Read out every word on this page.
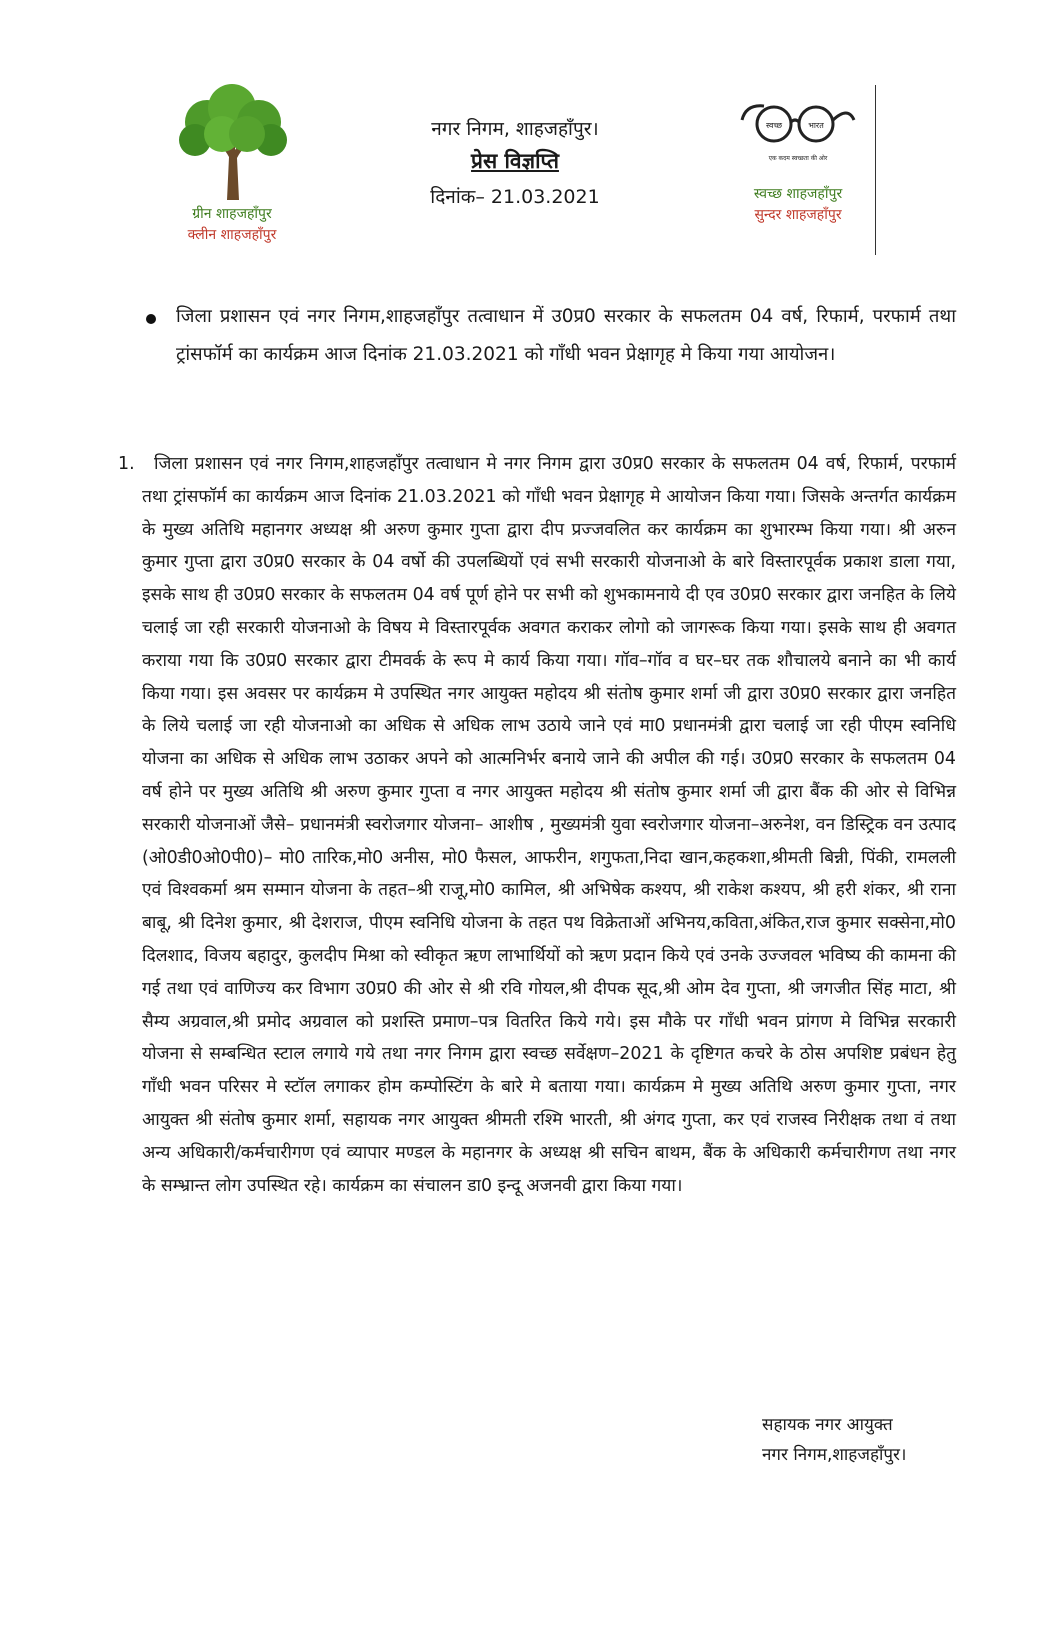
ग्रीन शाहजहाँपुर
क्लीन शाहजहाँपुर
नगर निगम, शाहजहाँपुर।
प्रेस विज्ञप्ति
दिनांक– 21.03.2021
स्वच्छ	भारत
एक कदम स्वच्छता की ओर
स्वच्छ शाहजहाँपुर
सुन्दर शाहजहाँपुर
जिला प्रशासन एवं नगर निगम,शाहजहाँपुर तत्वाधान में उ0प्र0 सरकार के सफलतम 04 वर्ष, रिफार्म, परफार्म तथा ट्रांसफॉर्म का कार्यक्रम आज दिनांक 21.03.2021 को गाँधी भवन प्रेक्षागृह मे किया गया आयोजन।
1.	जिला प्रशासन एवं नगर निगम,शाहजहाँपुर तत्वाधान मे नगर निगम द्वारा उ0प्र0 सरकार के सफलतम 04 वर्ष, रिफार्म, परफार्म तथा ट्रांसफॉर्म का कार्यक्रम आज दिनांक 21.03.2021 को गाँधी भवन प्रेक्षागृह मे आयोजन किया गया। जिसके अन्तर्गत कार्यक्रम के मुख्य अतिथि महानगर अध्यक्ष श्री अरुण कुमार गुप्ता द्वारा दीप प्रज्जवलित कर कार्यक्रम का शुभारम्भ किया गया। श्री अरुन कुमार गुप्ता द्वारा उ0प्र0 सरकार के 04 वर्षो की उपलब्धियों एवं सभी सरकारी योजनाओ के बारे विस्तारपूर्वक प्रकाश डाला गया, इसके साथ ही उ0प्र0 सरकार के सफलतम 04 वर्ष पूर्ण होने पर सभी को शुभकामनाये दी एव उ0प्र0 सरकार द्वारा जनहित के लिये चलाई जा रही सरकारी योजनाओ के विषय मे विस्तारपूर्वक अवगत कराकर लोगो को जागरूक किया गया। इसके साथ ही अवगत कराया गया कि उ0प्र0 सरकार द्वारा टीमवर्क के रूप मे कार्य किया गया। गॉव–गॉव व घर–घर तक शौचालये बनाने का भी कार्य किया गया। इस अवसर पर कार्यक्रम मे उपस्थित नगर आयुक्त महोदय श्री संतोष कुमार शर्मा जी द्वारा उ0प्र0 सरकार द्वारा जनहित के लिये चलाई जा रही योजनाओ का अधिक से अधिक लाभ उठाये जाने एवं मा0 प्रधानमंत्री द्वारा चलाई जा रही पीएम स्वनिधि योजना का अधिक से अधिक लाभ उठाकर अपने को आत्मनिर्भर बनाये जाने की अपील की गई। उ0प्र0 सरकार के सफलतम 04 वर्ष होने पर मुख्य अतिथि श्री अरुण कुमार गुप्ता व नगर आयुक्त महोदय श्री संतोष कुमार शर्मा जी द्वारा बैंक की ओर से विभिन्न सरकारी योजनाओं जैसे– प्रधानमंत्री स्वरोजगार योजना– आशीष , मुख्यमंत्री युवा स्वरोजगार योजना–अरुनेश, वन डिस्ट्रिक वन उत्पाद (ओ0डी0ओ0पी0)– मो0 तारिक,मो0 अनीस, मो0 फैसल, आफरीन, शगुफता,निदा खान,कहकशा,श्रीमती बिन्नी, पिंकी, रामलली एवं विश्वकर्मा श्रम सम्मान योजना के तहत–श्री राजू,मो0 कामिल, श्री अभिषेक कश्यप, श्री राकेश कश्यप, श्री हरी शंकर, श्री राना बाबू, श्री दिनेश कुमार, श्री देशराज, पीएम स्वनिधि योजना के तहत पथ विक्रेताओं अभिनय,कविता,अंकित,राज कुमार सक्सेना,मो0 दिलशाद, विजय बहादुर, कुलदीप मिश्रा को स्वीकृत ऋण लाभार्थियों को ऋण प्रदान किये एवं उनके उज्जवल भविष्य की कामना की गई तथा एवं वाणिज्य कर विभाग उ0प्र0 की ओर से श्री रवि गोयल,श्री दीपक सूद,श्री ओम देव गुप्ता, श्री जगजीत सिंह माटा, श्री सैम्य अग्रवाल,श्री प्रमोद अग्रवाल को प्रशस्ति प्रमाण–पत्र वितरित किये गये। इस मौके पर गाँधी भवन प्रांगण मे विभिन्न सरकारी योजना से सम्बन्धित स्टाल लगाये गये तथा नगर निगम द्वारा स्वच्छ सर्वेक्षण–2021 के दृष्टिगत कचरे के ठोस अपशिष्ट प्रबंधन हेतु गाँधी भवन परिसर मे स्टॉल लगाकर होम कम्पोस्टिंग के बारे मे बताया गया। कार्यक्रम मे मुख्य अतिथि अरुण कुमार गुप्ता, नगर आयुक्त श्री संतोष कुमार शर्मा, सहायक नगर आयुक्त श्रीमती रश्मि भारती, श्री अंगद गुप्ता, कर एवं राजस्व निरीक्षक तथा वं तथा अन्य अधिकारी/कर्मचारीगण एवं व्यापार मण्डल के महानगर के अध्यक्ष श्री सचिन बाथम, बैंक के अधिकारी कर्मचारीगण तथा नगर के सम्भ्रान्त लोग उपस्थित रहे। कार्यक्रम का संचालन डा0 इन्दू अजनवी द्वारा किया गया।
सहायक नगर आयुक्त
नगर निगम,शाहजहाँपुर।
